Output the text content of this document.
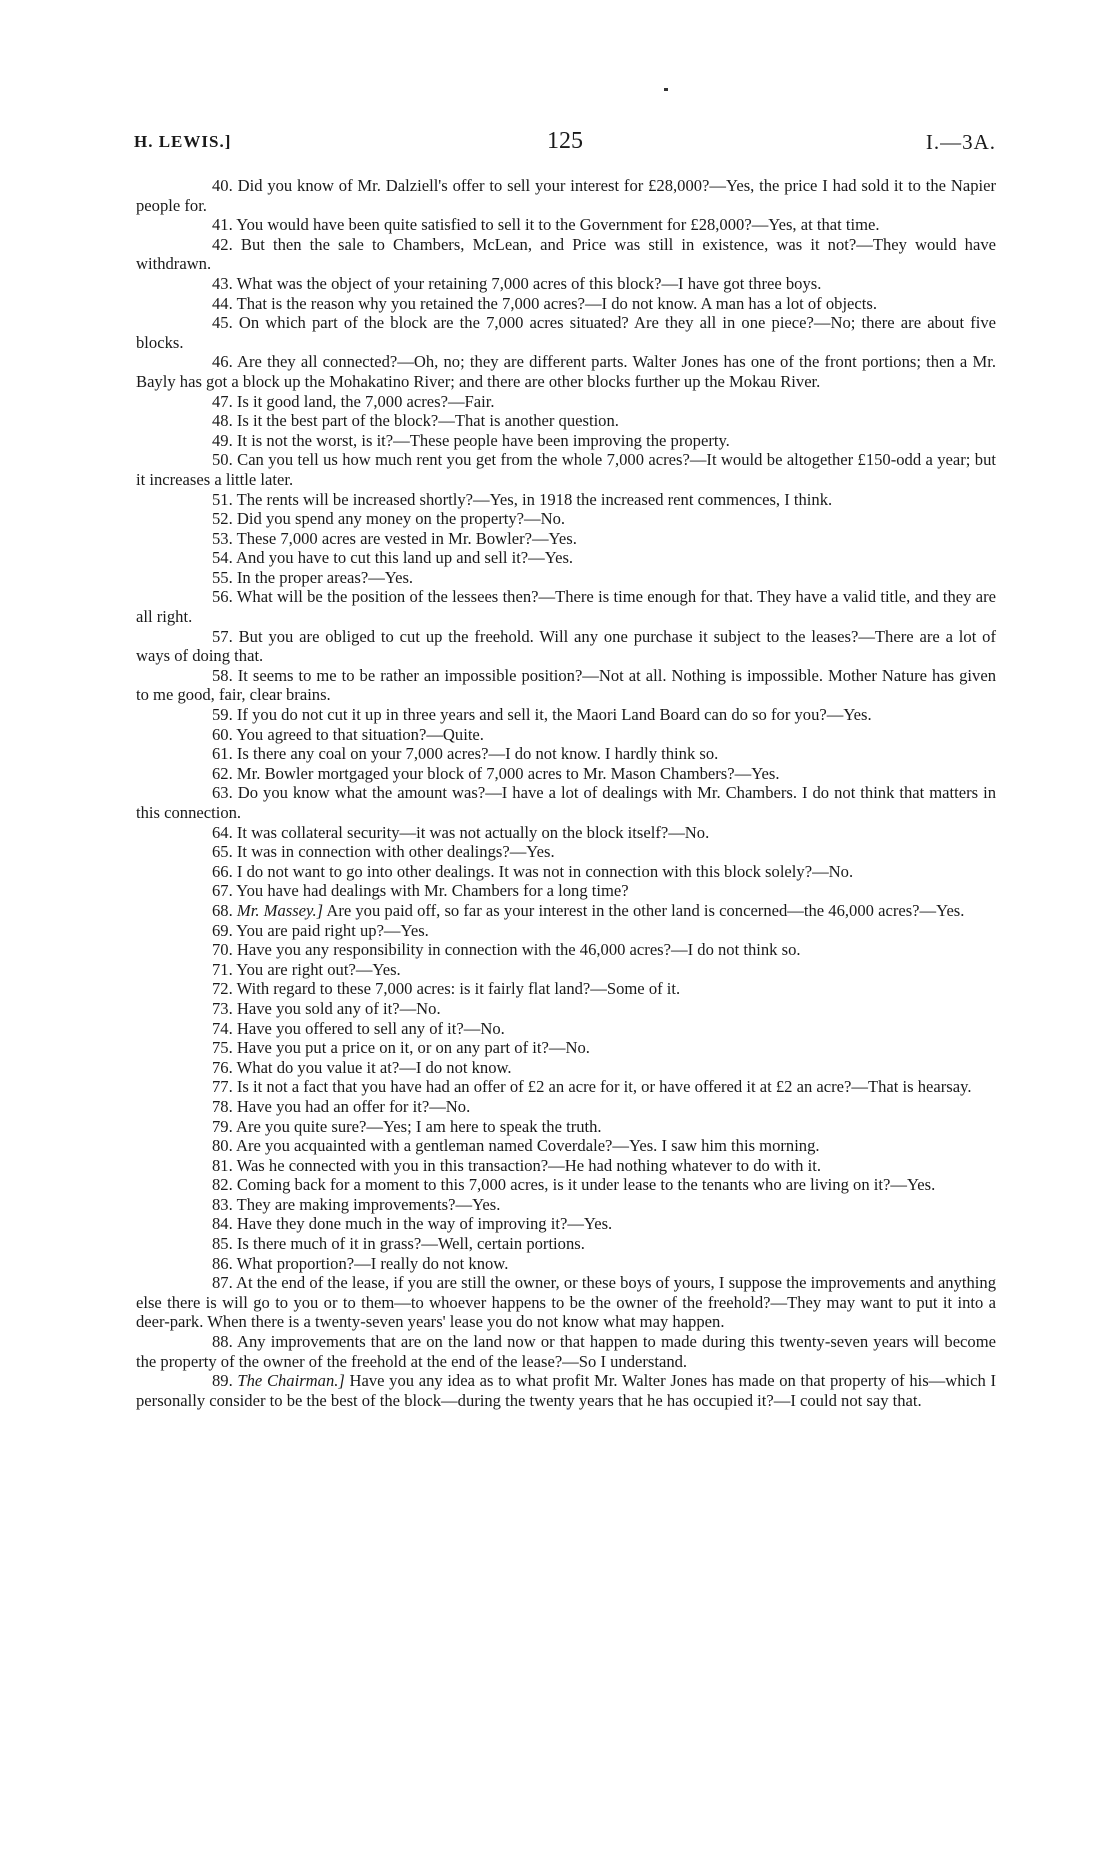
H. LEWIS.]	125	I.—3A.

40. Did you know of Mr. Dalziell's offer to sell your interest for £28,000?—Yes, the price I had sold it to the Napier people for.

41. You would have been quite satisfied to sell it to the Government for £28,000?—Yes, at that time.

42. But then the sale to Chambers, McLean, and Price was still in existence, was it not?—They would have withdrawn.

43. What was the object of your retaining 7,000 acres of this block?—I have got three boys.

44. That is the reason why you retained the 7,000 acres?—I do not know. A man has a lot of objects.

45. On which part of the block are the 7,000 acres situated? Are they all in one piece?—No; there are about five blocks.

46. Are they all connected?—Oh, no; they are different parts. Walter Jones has one of the front portions; then a Mr. Bayly has got a block up the Mohakatino River; and there are other blocks further up the Mokau River.

47. Is it good land, the 7,000 acres?—Fair.

48. Is it the best part of the block?—That is another question.

49. It is not the worst, is it?—These people have been improving the property.

50. Can you tell us how much rent you get from the whole 7,000 acres?—It would be altogether £150-odd a year; but it increases a little later.

51. The rents will be increased shortly?—Yes, in 1918 the increased rent commences, I think.

52. Did you spend any money on the property?—No.

53. These 7,000 acres are vested in Mr. Bowler?—Yes.

54. And you have to cut this land up and sell it?—Yes.

55. In the proper areas?—Yes.

56. What will be the position of the lessees then?—There is time enough for that. They have a valid title, and they are all right.

57. But you are obliged to cut up the freehold. Will any one purchase it subject to the leases?—There are a lot of ways of doing that.

58. It seems to me to be rather an impossible position?—Not at all. Nothing is impossible. Mother Nature has given to me good, fair, clear brains.

59. If you do not cut it up in three years and sell it, the Maori Land Board can do so for you?—Yes.

60. You agreed to that situation?—Quite.

61. Is there any coal on your 7,000 acres?—I do not know. I hardly think so.

62. Mr. Bowler mortgaged your block of 7,000 acres to Mr. Mason Chambers?—Yes.

63. Do you know what the amount was?—I have a lot of dealings with Mr. Chambers. I do not think that matters in this connection.

64. It was collateral security—it was not actually on the block itself?—No.

65. It was in connection with other dealings?—Yes.

66. I do not want to go into other dealings. It was not in connection with this block solely?—No.

67. You have had dealings with Mr. Chambers for a long time?

68. Mr. Massey.] Are you paid off, so far as your interest in the other land is concerned—the 46,000 acres?—Yes.

69. You are paid right up?—Yes.

70. Have you any responsibility in connection with the 46,000 acres?—I do not think so.

71. You are right out?—Yes.

72. With regard to these 7,000 acres: is it fairly flat land?—Some of it.

73. Have you sold any of it?—No.

74. Have you offered to sell any of it?—No.

75. Have you put a price on it, or on any part of it?—No.

76. What do you value it at?—I do not know.

77. Is it not a fact that you have had an offer of £2 an acre for it, or have offered it at £2 an acre?—That is hearsay.

78. Have you had an offer for it?—No.

79. Are you quite sure?—Yes; I am here to speak the truth.

80. Are you acquainted with a gentleman named Coverdale?—Yes. I saw him this morning.

81. Was he connected with you in this transaction?—He had nothing whatever to do with it.

82. Coming back for a moment to this 7,000 acres, is it under lease to the tenants who are living on it?—Yes.

83. They are making improvements?—Yes.

84. Have they done much in the way of improving it?—Yes.

85. Is there much of it in grass?—Well, certain portions.

86. What proportion?—I really do not know.

87. At the end of the lease, if you are still the owner, or these boys of yours, I suppose the improvements and anything else there is will go to you or to them—to whoever happens to be the owner of the freehold?—They may want to put it into a deer-park. When there is a twenty-seven years' lease you do not know what may happen.

88. Any improvements that are on the land now or that happen to made during this twenty-seven years will become the property of the owner of the freehold at the end of the lease?—So I understand.

89. The Chairman.] Have you any idea as to what profit Mr. Walter Jones has made on that property of his—which I personally consider to be the best of the block—during the twenty years that he has occupied it?—I could not say that.
